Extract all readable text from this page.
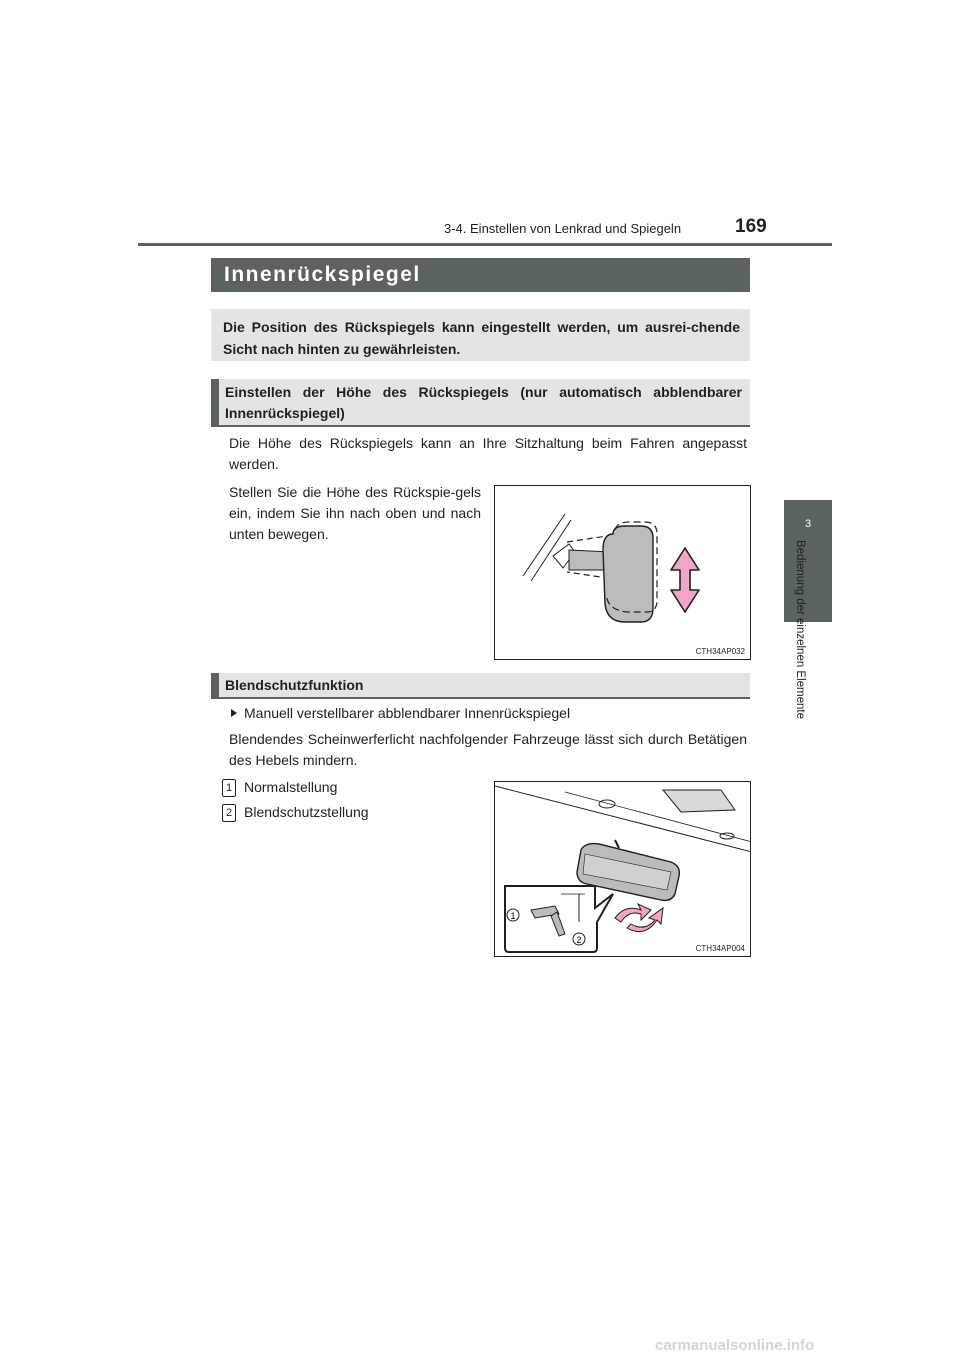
3-4. Einstellen von Lenkrad und Spiegeln	169
3
Bedienung der einzelnen Elemente
Innenrückspiegel
Die Position des Rückspiegels kann eingestellt werden, um ausrei-chende Sicht nach hinten zu gewährleisten.
Einstellen der Höhe des Rückspiegels (nur automatisch abblendbarer Innenrückspiegel)
Die Höhe des Rückspiegels kann an Ihre Sitzhaltung beim Fahren angepasst werden.
Stellen Sie die Höhe des Rückspie-gels ein, indem Sie ihn nach oben und nach unten bewegen.
CTH34AP032
Blendschutzfunktion
Manuell verstellbarer abblendbarer Innenrückspiegel
Blendendes Scheinwerferlicht nachfolgender Fahrzeuge lässt sich durch Betätigen des Hebels mindern.
1 Normalstellung
2 Blendschutzstellung
1
2
CTH34AP004
carmanualsonline.info
